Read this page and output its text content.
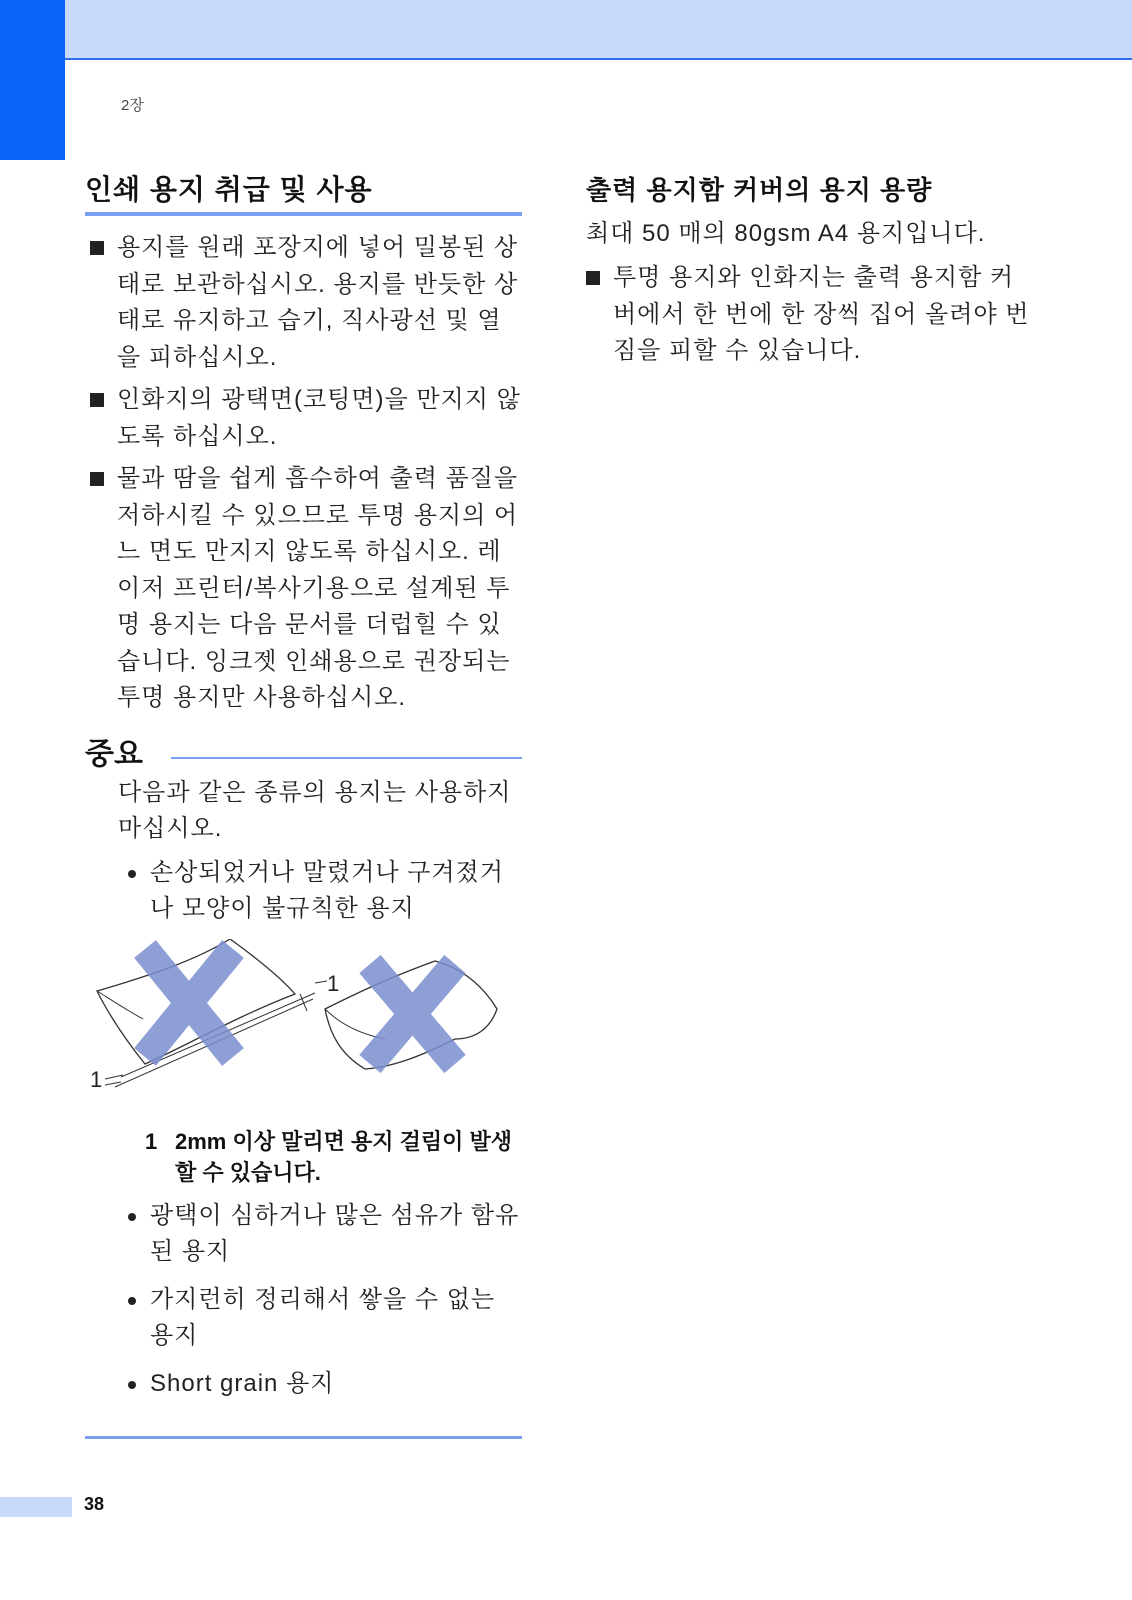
2장
인쇄 용지 취급 및 사용
용지를 원래 포장지에 넣어 밀봉된 상태로 보관하십시오. 용지를 반듯한 상태로 유지하고 습기, 직사광선 및 열을 피하십시오.
인화지의 광택면(코팅면)을 만지지 않도록 하십시오.
물과 땀을 쉽게 흡수하여 출력 품질을 저하시킬 수 있으므로 투명 용지의 어느 면도 만지지 않도록 하십시오. 레이저 프린터/복사기용으로 설계된 투명 용지는 다음 문서를 더럽힐 수 있습니다. 잉크젯 인쇄용으로 권장되는 투명 용지만 사용하십시오.
중요
다음과 같은 종류의 용지는 사용하지 마십시오.
손상되었거나 말렸거나 구겨졌거나 모양이 불규칙한 용지
1
1
1 2mm 이상 말리면 용지 걸림이 발생할 수 있습니다.
광택이 심하거나 많은 섬유가 함유된 용지
가지런히 정리해서 쌓을 수 없는 용지
Short grain 용지
출력 용지함 커버의 용지 용량
최대 50 매의 80gsm A4 용지입니다.
투명 용지와 인화지는 출력 용지함 커버에서 한 번에 한 장씩 집어 올려야 번짐을 피할 수 있습니다.
38
